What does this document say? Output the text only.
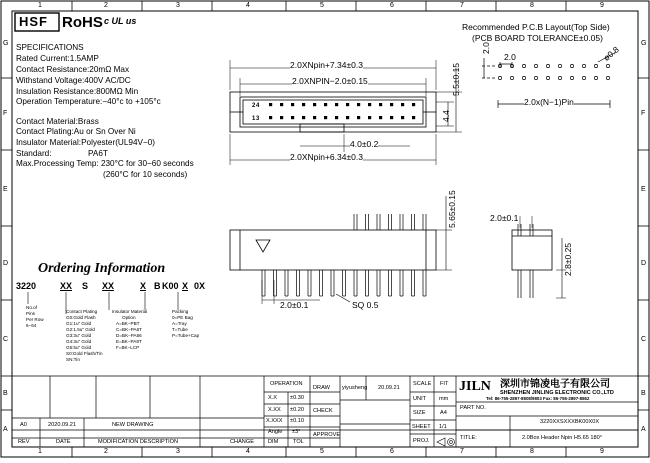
1	2	3	4	5	6	7	8	9
1	2	3	4	5	6	7	8	9
G
F
E
D
C
B
A
G
F
E
D
C
B
A
HSF RoHS c UL us
SPECIFICATIONS
Rated Current:1.5AMP
Contact Resistance:20mΩ Max
Withstand Voltage:400V AC/DC
Insulation Resistance:800MΩ Min
Operation Temperature:−40°c to +105°c
Contact Material:Brass
Contact Plating:Au or Sn Over Ni
Insulator Material:Polyester(UL94V−0)
Standard:	PA6T
Max.Processing Temp: 230°C for 30−60 seconds
(260°C for 10 seconds)
Recommended P.C.B Layout(Top Side)
(PCB BOARD TOLERANCE±0.05)
2.0
2.0	ø0.8
2.0x(N−1)Pin
2.0XNpin+7.34±0.3
2.0XNPIN−2.0±0.15
2.0XNpin+6.34±0.3
4.0±0.2
5.5±0.15
4.4
2 4
1 3
5.65±0.15
2.0±0.1	SQ 0.5
2.0±0.1
2.8±0.25
Ordering Information
3220	XX S XX	X B K00 X 0X
No.of
Pins
Per Row
6−64
Contact Plating
G0:Gold Flash
G1:1u" Gold
G2:1.5u" Gold
G3:3u" Gold
G4:3u" Gold
G5:5u" Gold
S0:Gold Flash/Tin
SN:Tin
Insulator Material
Option
A=BK−PBT
C=BK−PA6T
D=BK−PA66
E=BK−PA9T
F=BK−LCP
Packing
0=PE Bag
A=Tray
T=Tube
P=Tube+Cap
OPERATION
X.X ±0.30
X.XX ±0.20
X.XXX ±0.10
Angle ±3°
DIM	TOL
DRAW yiyusheng 20.09.21
CHECK
APPROVE
SCALE FIT
UNIT mm
SIZE	A4
SHEET 1/1
PROJ.
JILN 深圳市锦凌电子有限公司
SHENZHEN JINLING ELECTRONIC CO.,LTD
Tel: 86-755-2897-8808/9803 Fax: 86-755-2897-8862
PART NO.
3220XXSXXXBK00X0X
TITLE:	2.0Box Header Npin H5.65 180°
A0	2020.09.21	NEW DRAWING
REV	DATE	MODIFICATION DESCRIPTION	CHANGE
